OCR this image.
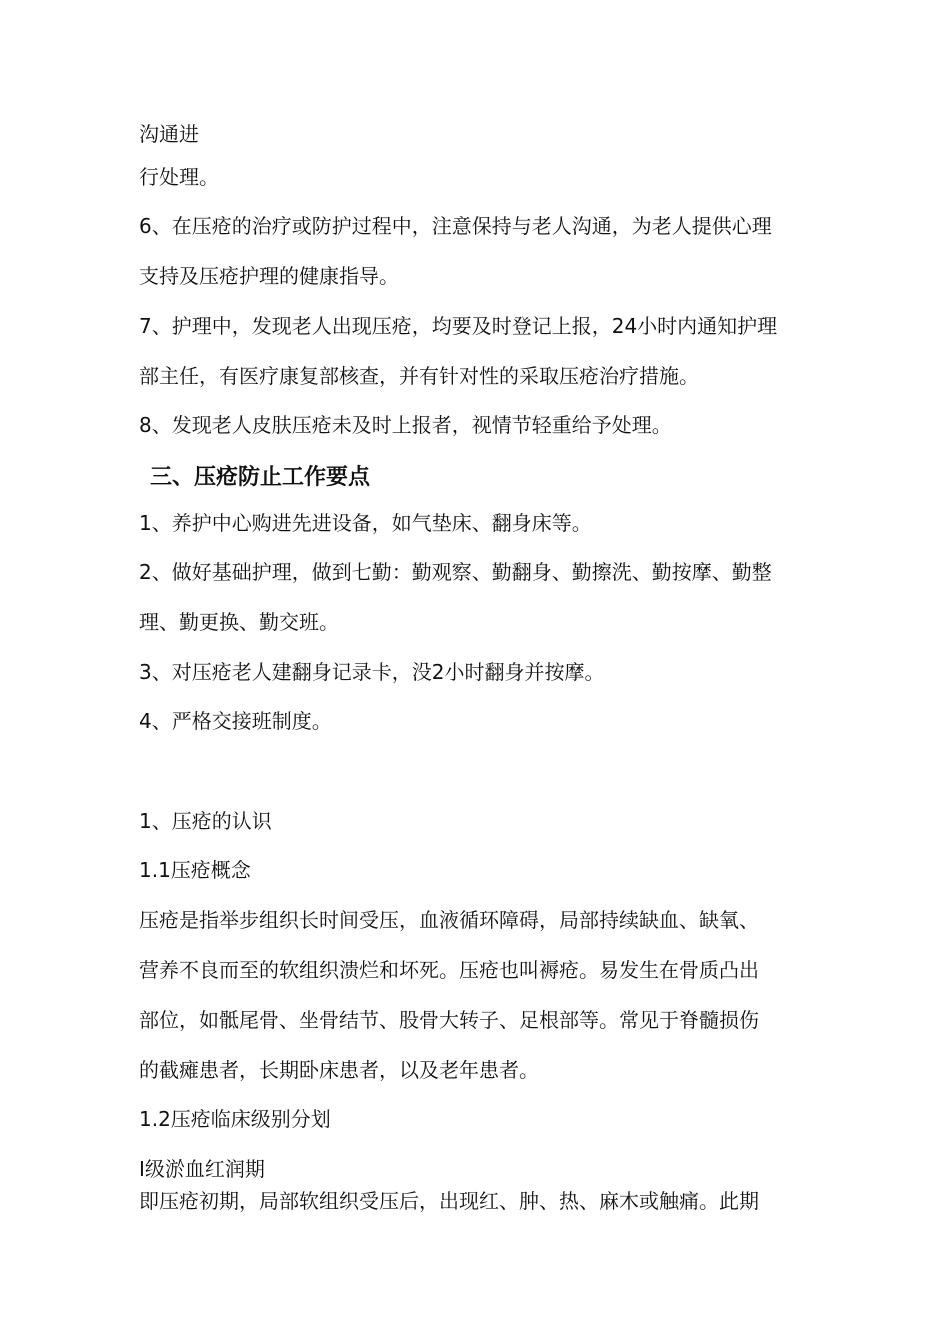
沟通进
行处理。
6、在压疮的治疗或防护过程中，注意保持与老人沟通，为老人提供心理
支持及压疮护理的健康指导。
7、护理中，发现老人出现压疮，均要及时登记上报，24小时内通知护理
部主任，有医疗康复部核查，并有针对性的采取压疮治疗措施。
8、发现老人皮肤压疮未及时上报者，视情节轻重给予处理。
三、压疮防止工作要点
1、养护中心购进先进设备，如气垫床、翻身床等。
2、做好基础护理，做到七勤：勤观察、勤翻身、勤擦洗、勤按摩、勤整
理、勤更换、勤交班。
3、对压疮老人建翻身记录卡，没2小时翻身并按摩。
4、严格交接班制度。
1、压疮的认识
1.1压疮概念
压疮是指举步组织长时间受压，血液循环障碍，局部持续缺血、缺氧、
营养不良而至的软组织溃烂和坏死。压疮也叫褥疮。易发生在骨质凸出
部位，如骶尾骨、坐骨结节、股骨大转子、足根部等。常见于脊髓损伤
的截瘫患者，长期卧床患者，以及老年患者。
1.2压疮临床级别分划
Ⅰ级淤血红润期
即压疮初期，局部软组织受压后，出现红、肿、热、麻木或触痛。此期
